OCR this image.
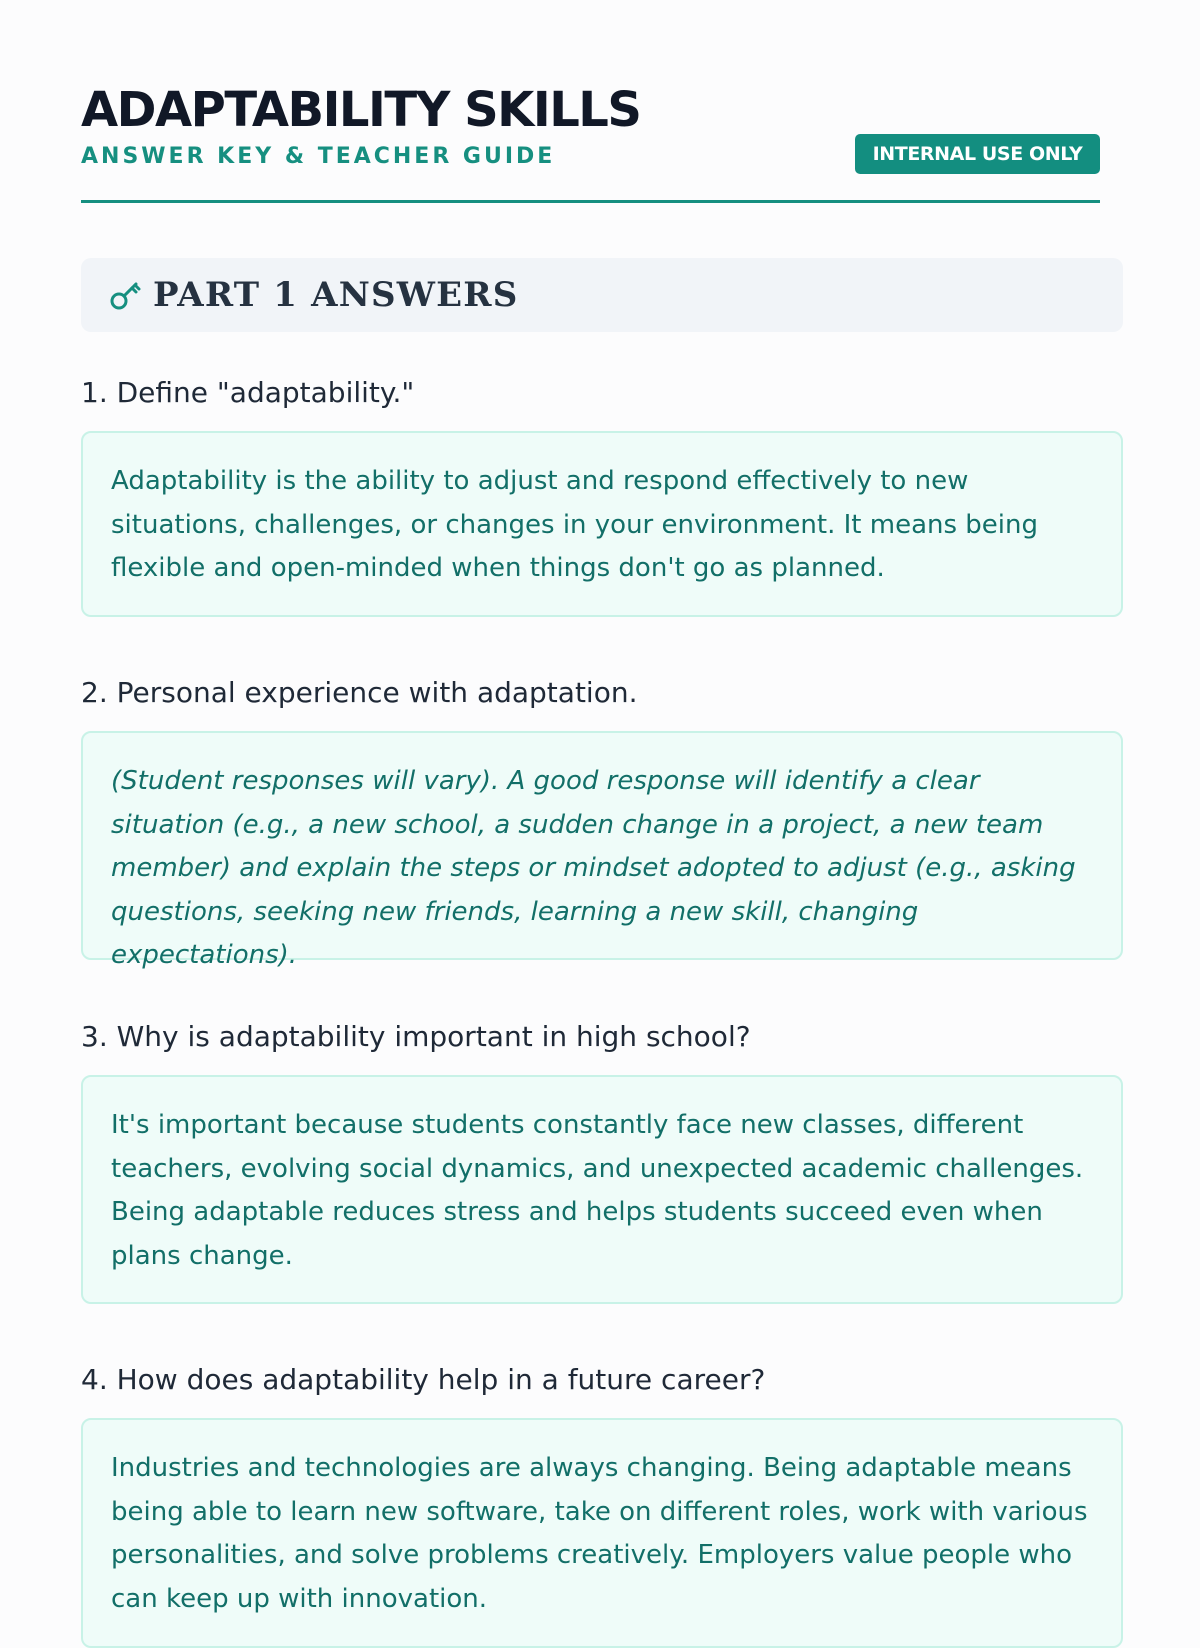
ADAPTABILITY SKILLS
ANSWER KEY & TEACHER GUIDE	INTERNAL USE ONLY
PART 1 ANSWERS
1. Define "adaptability."
Adaptability is the ability to adjust and respond effectively to new situations, challenges, or changes in your environment. It means being flexible and open-minded when things don't go as planned.
2. Personal experience with adaptation.
(Student responses will vary). A good response will identify a clear situation (e.g., a new school, a sudden change in a project, a new team member) and explain the steps or mindset adopted to adjust (e.g., asking questions, seeking new friends, learning a new skill, changing expectations).
3. Why is adaptability important in high school?
It's important because students constantly face new classes, different teachers, evolving social dynamics, and unexpected academic challenges. Being adaptable reduces stress and helps students succeed even when plans change.
4. How does adaptability help in a future career?
Industries and technologies are always changing. Being adaptable means being able to learn new software, take on different roles, work with various personalities, and solve problems creatively. Employers value people who can keep up with innovation.
